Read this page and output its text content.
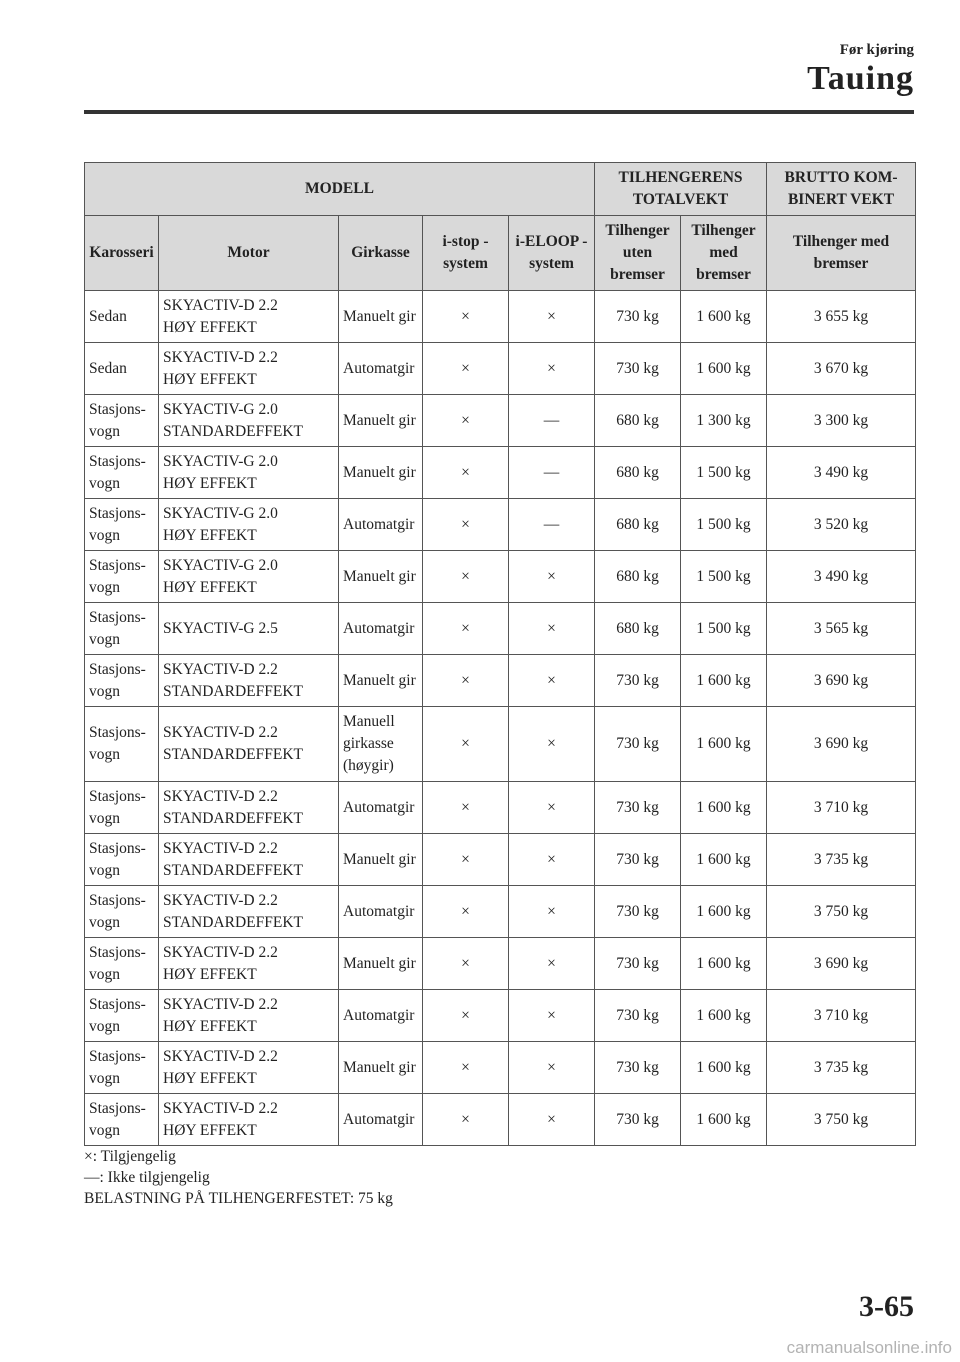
Før kjøring
Tauing
MODELL					TILHENGERENS TOTALVEKT		BRUTTO KOM-BINERT VEKT
Karosseri	Motor	Girkasse	i-stop -system	i-ELOOP -system	Tilhenger uten bremser	Tilhenger med bremser	Tilhenger med bremser
Sedan	SKYACTIV-D 2.2
HØY EFFEKT	Manuelt gir	×	×	730 kg	1 600 kg	3 655 kg
Sedan	SKYACTIV-D 2.2
HØY EFFEKT	Automatgir	×	×	730 kg	1 600 kg	3 670 kg
Stasjons-
vogn	SKYACTIV-G 2.0
STANDARDEFFEKT	Manuelt gir	×	—	680 kg	1 300 kg	3 300 kg
Stasjons-
vogn	SKYACTIV-G 2.0
HØY EFFEKT	Manuelt gir	×	—	680 kg	1 500 kg	3 490 kg
Stasjons-
vogn	SKYACTIV-G 2.0
HØY EFFEKT	Automatgir	×	—	680 kg	1 500 kg	3 520 kg
Stasjons-
vogn	SKYACTIV-G 2.0
HØY EFFEKT	Manuelt gir	×	×	680 kg	1 500 kg	3 490 kg
Stasjons-
vogn	SKYACTIV-G 2.5	Automatgir	×	×	680 kg	1 500 kg	3 565 kg
Stasjons-
vogn	SKYACTIV-D 2.2
STANDARDEFFEKT	Manuelt gir	×	×	730 kg	1 600 kg	3 690 kg
Stasjons-
vogn	SKYACTIV-D 2.2
STANDARDEFFEKT	Manuell
girkasse
(høygir)	×	×	730 kg	1 600 kg	3 690 kg
Stasjons-
vogn	SKYACTIV-D 2.2
STANDARDEFFEKT	Automatgir	×	×	730 kg	1 600 kg	3 710 kg
Stasjons-
vogn	SKYACTIV-D 2.2
STANDARDEFFEKT	Manuelt gir	×	×	730 kg	1 600 kg	3 735 kg
Stasjons-
vogn	SKYACTIV-D 2.2
STANDARDEFFEKT	Automatgir	×	×	730 kg	1 600 kg	3 750 kg
Stasjons-
vogn	SKYACTIV-D 2.2
HØY EFFEKT	Manuelt gir	×	×	730 kg	1 600 kg	3 690 kg
Stasjons-
vogn	SKYACTIV-D 2.2
HØY EFFEKT	Automatgir	×	×	730 kg	1 600 kg	3 710 kg
Stasjons-
vogn	SKYACTIV-D 2.2
HØY EFFEKT	Manuelt gir	×	×	730 kg	1 600 kg	3 735 kg
Stasjons-
vogn	SKYACTIV-D 2.2
HØY EFFEKT	Automatgir	×	×	730 kg	1 600 kg	3 750 kg
×: Tilgjengelig
—: Ikke tilgjengelig
BELASTNING PÅ TILHENGERFESTET: 75 kg
3-65
carmanualsonline.info
